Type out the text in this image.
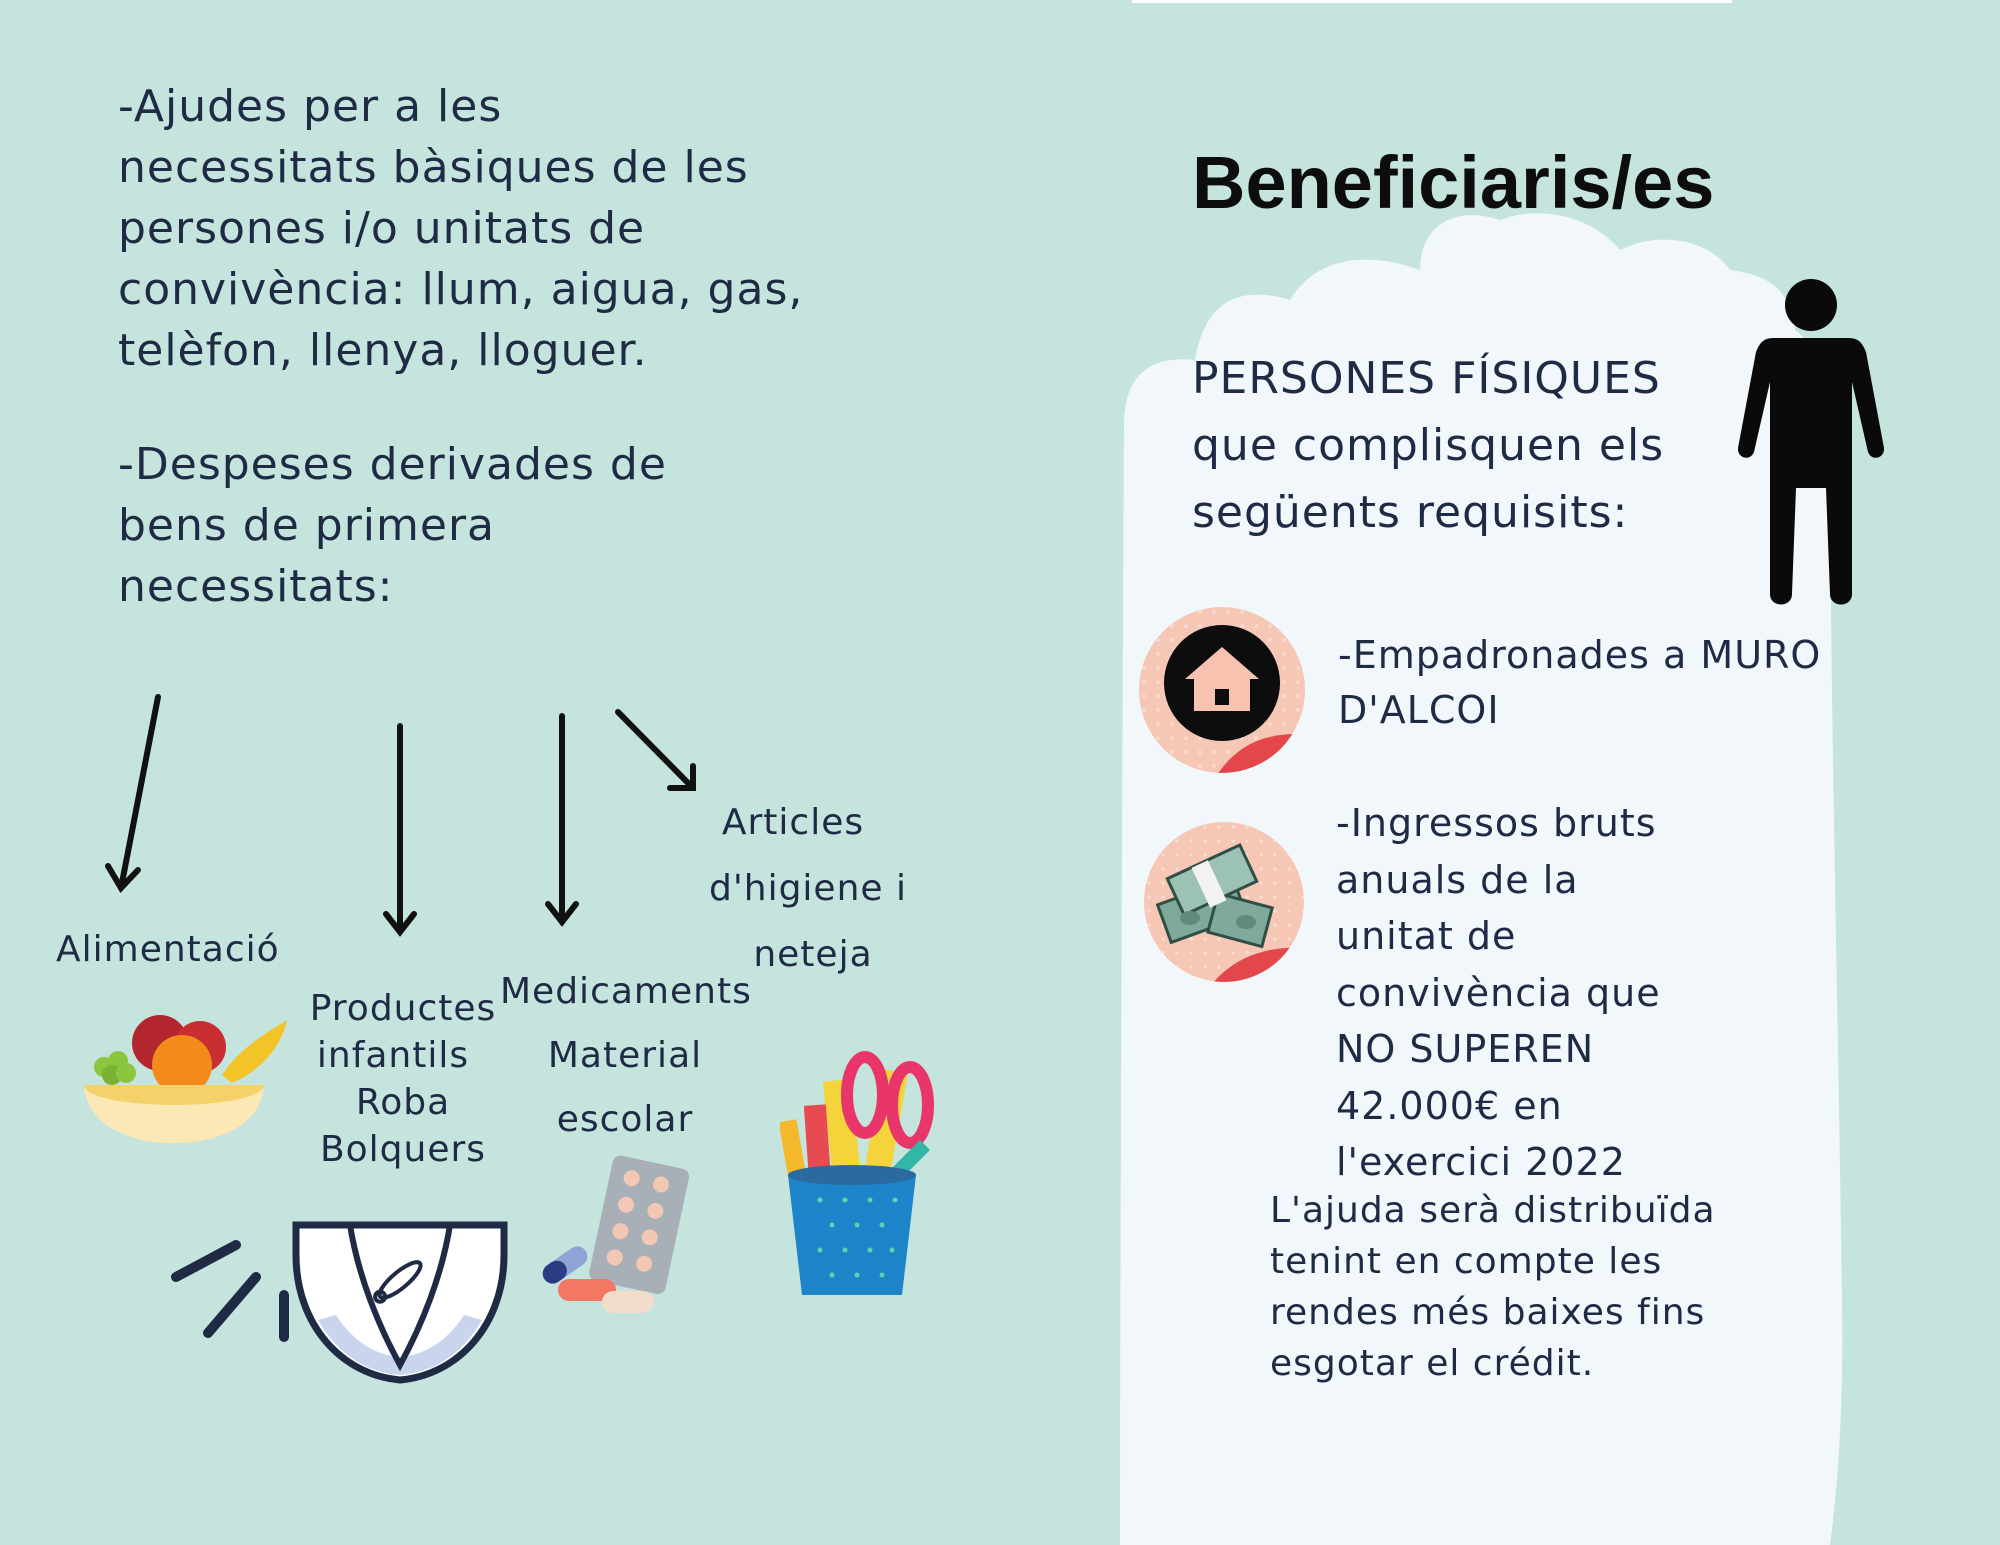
-Ajudes per a les
necessitats bàsiques de les
persones i/o unitats de
convivència: llum, aigua, gas,
telèfon, llenya, lloguer.
-Despeses derivades de
bens de primera
necessitats:
Alimentació
Productes
infantils
Roba
Bolquers
Medicaments
Material
escolar
Articles
d'higiene i
neteja
Beneficiaris/es
PERSONES FÍSIQUES
que complisquen els
següents requisits:
-Empadronades a MURO
D'ALCOI
-Ingressos bruts
anuals de la
unitat de
convivència que
NO SUPEREN
42.000€ en
l'exercici 2022
L'ajuda serà distribuïda
tenint en compte les
rendes més baixes fins
esgotar el crédit.
